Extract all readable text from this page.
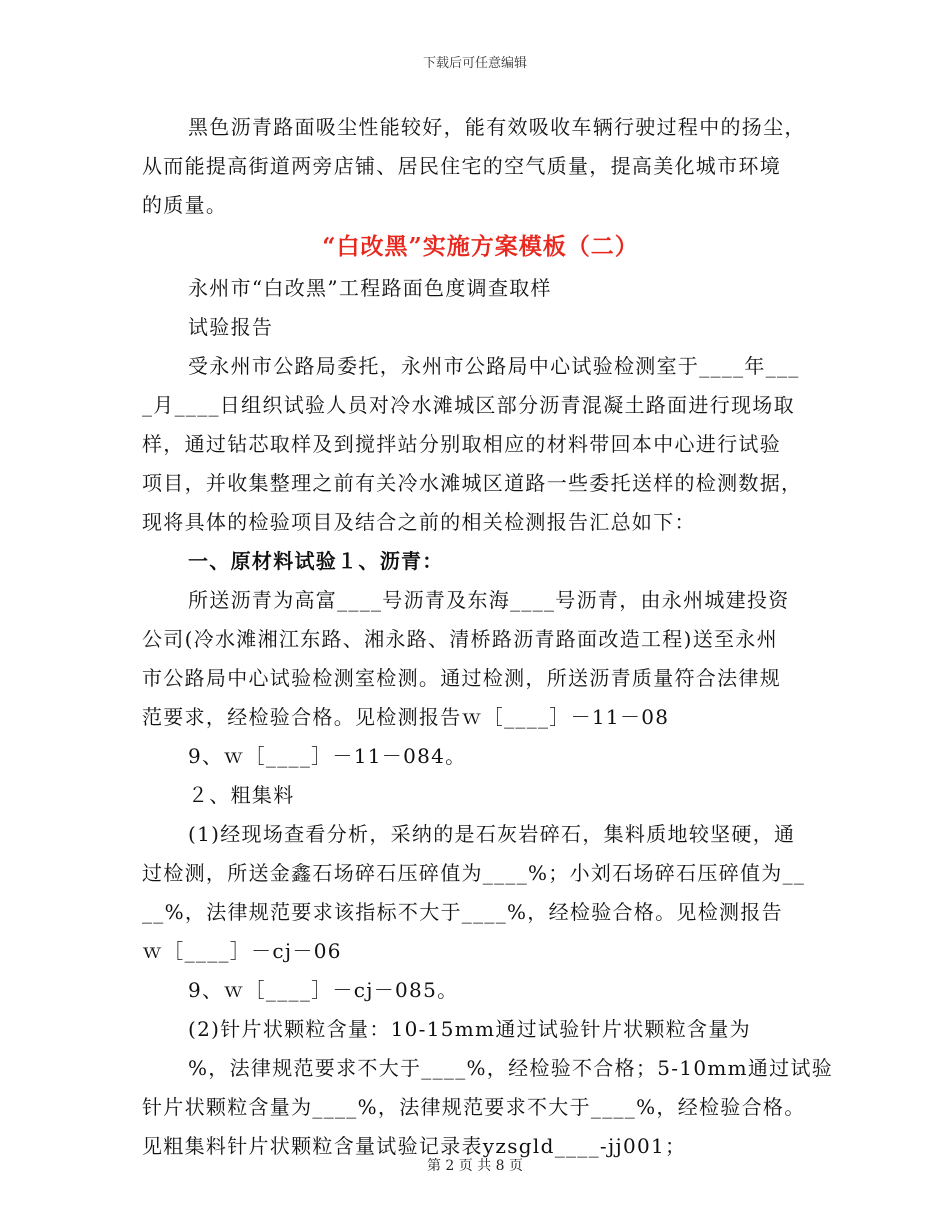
下载后可任意编辑
黑色沥青路面吸尘性能较好，能有效吸收车辆行驶过程中的扬尘，
从而能提高街道两旁店铺、居民住宅的空气质量，提高美化城市环境
的质量。
“白改黑”实施方案模板（二）
永州市“白改黑”工程路面色度调查取样
试验报告
受永州市公路局委托，永州市公路局中心试验检测室于____年___
_月____日组织试验人员对冷水滩城区部分沥青混凝土路面进行现场取
样，通过钻芯取样及到搅拌站分别取相应的材料带回本中心进行试验
项目，并收集整理之前有关冷水滩城区道路一些委托送样的检测数据，
现将具体的检验项目及结合之前的相关检测报告汇总如下：
一、原材料试验１、沥青：
所送沥青为高富____号沥青及东海____号沥青，由永州城建投资
公司(冷水滩湘江东路、湘永路、清桥路沥青路面改造工程)送至永州
市公路局中心试验检测室检测。通过检测，所送沥青质量符合法律规
范要求，经检验合格。见检测报告ｗ［____］－11－08
9、ｗ［____］－11－084。
２、粗集料
(1)经现场查看分析，采纳的是石灰岩碎石，集料质地较坚硬，通
过检测，所送金鑫石场碎石压碎值为____%；小刘石场碎石压碎值为__
__%，法律规范要求该指标不大于____%，经检验合格。见检测报告
ｗ［____］－cj－06
9、ｗ［____］－cj－085。
(2)针片状颗粒含量：10-15mm通过试验针片状颗粒含量为
%，法律规范要求不大于____%，经检验不合格；5-10mm通过试验
针片状颗粒含量为____%，法律规范要求不大于____%，经检验合格。
见粗集料针片状颗粒含量试验记录表yzsgld____-jj001；
第 2 页 共 8 页
